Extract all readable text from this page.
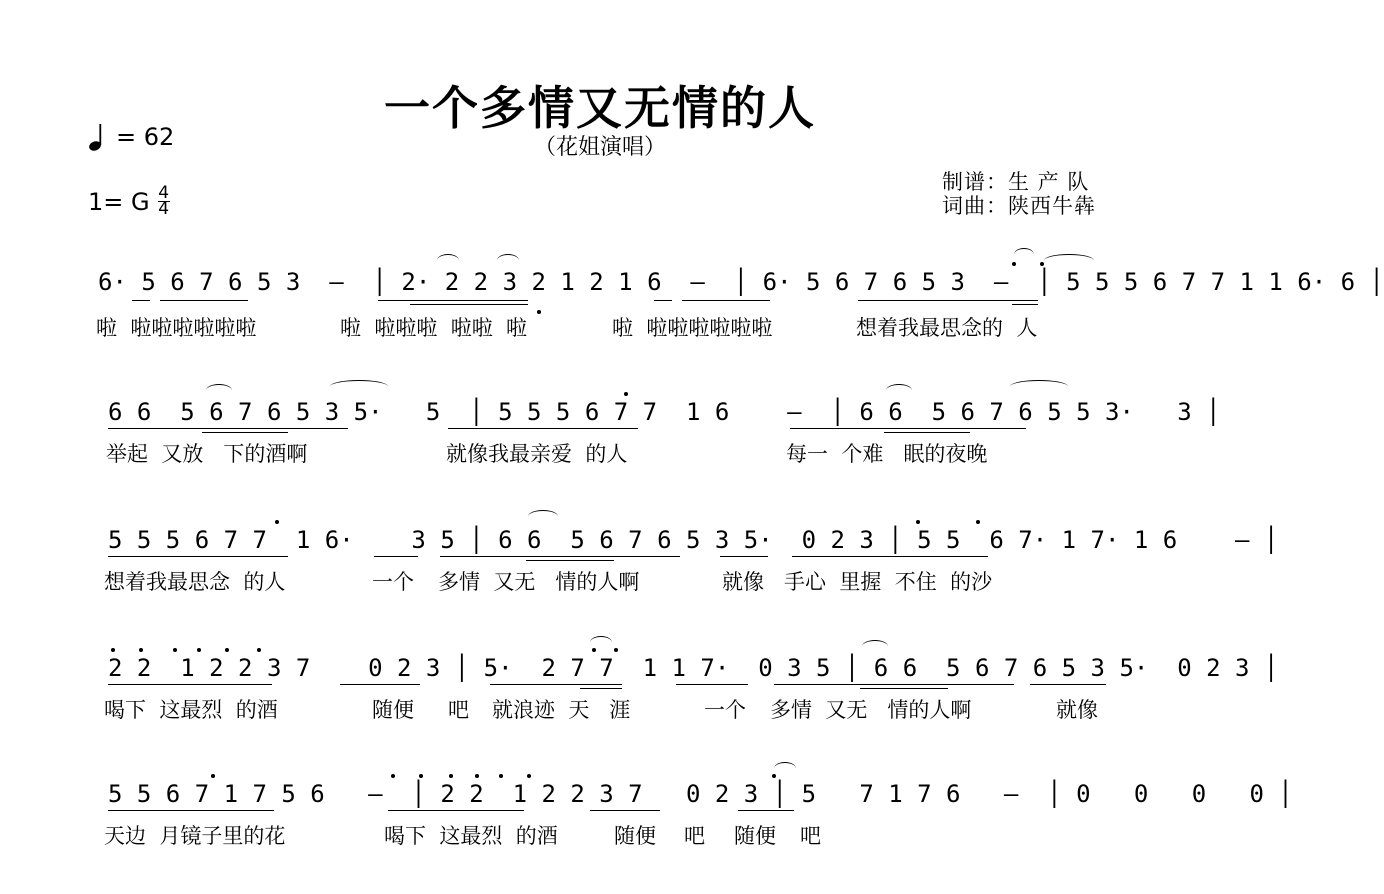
一个多情又无情的人
（花姐演唱）
= 62
1= G $\frac{4}{4}$
制谱：生 产 队
词曲：陕西牛犇
6· 5 6 7 6 5 3  –  │ 2· 2 2 3 2 1 2 1 6  –  │ 6· 5 6 7 6 5 3  –  │ 5 5 5 6 7 7 1 1 6· 6 │
啦  啦啦啦啦啦啦	啦  啦啦啦  啦啦  啦	啦  啦啦啦啦啦啦	想着我最思念的  人
6 6  5 6 7 6 5 3 5·   5  │ 5 5 5 6 7 7  1 6    –  │ 6 6  5 6 7 6 5 5 3·   3 │
举起  又放   下的酒啊	就像我最亲爱  的人	每一  个难   眠的夜晚
5 5 5 6 7 7  1 6·    3 5 │ 6 6  5 6 7 6 5 3 5·  0 2 3 │ 5 5  6 7· 1 7· 1 6    – │
想着我最思念  的人	一个 多情  又无   情的人啊	就像   手心  里握  不住  的沙
2 2  1 2 2 3 7    0 2 3 │ 5·  2 7 7  1 1 7·  0 3 5 │ 6 6  5 6 7 6 5 3 5·  0 2 3 │
喝下  这最烈  的酒	随便 吧 就浪迹  天   涯	一个 多情  又无   情的人啊	就像
5 5 6 7 1 7 5 6   –  │ 2 2  1 2 2 3 7   0 2 3 │ 5   7 1 7 6   –  │ 0   0   0   0 │
天边  月镜子里的花	喝下  这最烈  的酒	随便 吧 随便 吧
